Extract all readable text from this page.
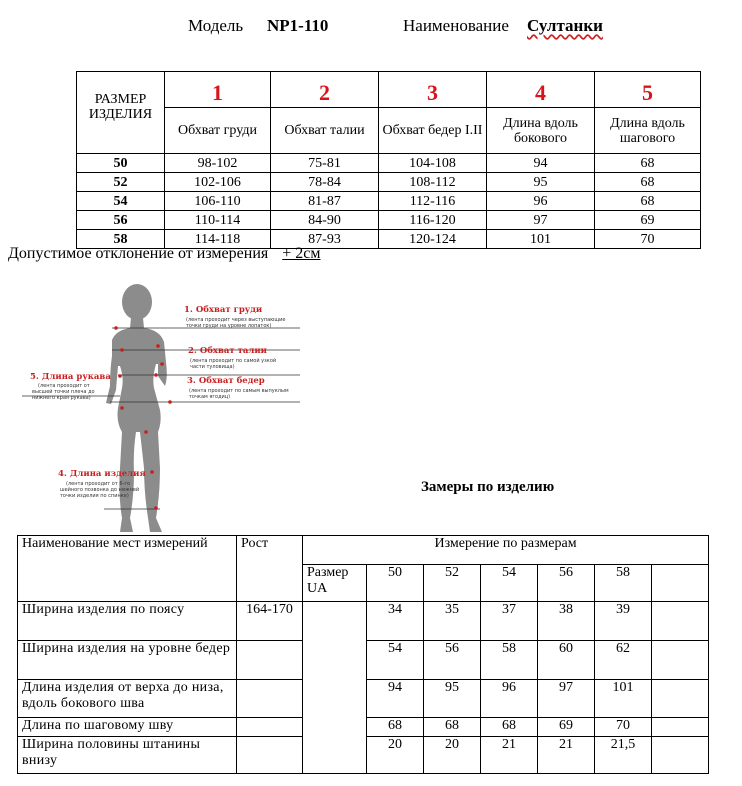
Модель NP1-110	Наименование Султанки
РАЗМЕР ИЗДЕЛИЯ	1	2	3	4	5
	Обхват груди	Обхват талии	Обхват бедер I.II	Длина вдоль бокового	Длина вдоль шагового
50	98-102	75-81	104-108	94	68
52	102-106	78-84	108-112	95	68
54	106-110	81-87	112-116	96	68
56	110-114	84-90	116-120	97	69
58	114-118	87-93	120-124	101	70
Допустимое отклонение от измерения + 2см
1. Обхват груди
(лента проходит через выступающие
точки груди на уровне лопаток)
2. Обхват талии
(лента проходит по самой узкой
части туловища)
3. Обхват бедер
(лента проходит по самым выпуклым
точкам ягодиц)
5. Длина рукава
(лента проходит от
высшей точки плеча до
нижнего края рукава)
4. Длина изделия
(лента проходит от 6-го
шейного позвонка до нижней
точки изделия по спинке)
Замеры по изделию
Наименование мест измерений	Рост	Измерение по размерам						
		Размер UA	50	52	54	56	58	
Ширина изделия по поясу	164-170		34	35	37	38	39	
Ширина изделия на уровне бедер			54	56	58	60	62	
Длина изделия от верха до низа, вдоль бокового шва			94	95	96	97	101	
Длина по шаговому шву			68	68	68	69	70	
Ширина половины штанины внизу			20	20	21	21	21,5	
